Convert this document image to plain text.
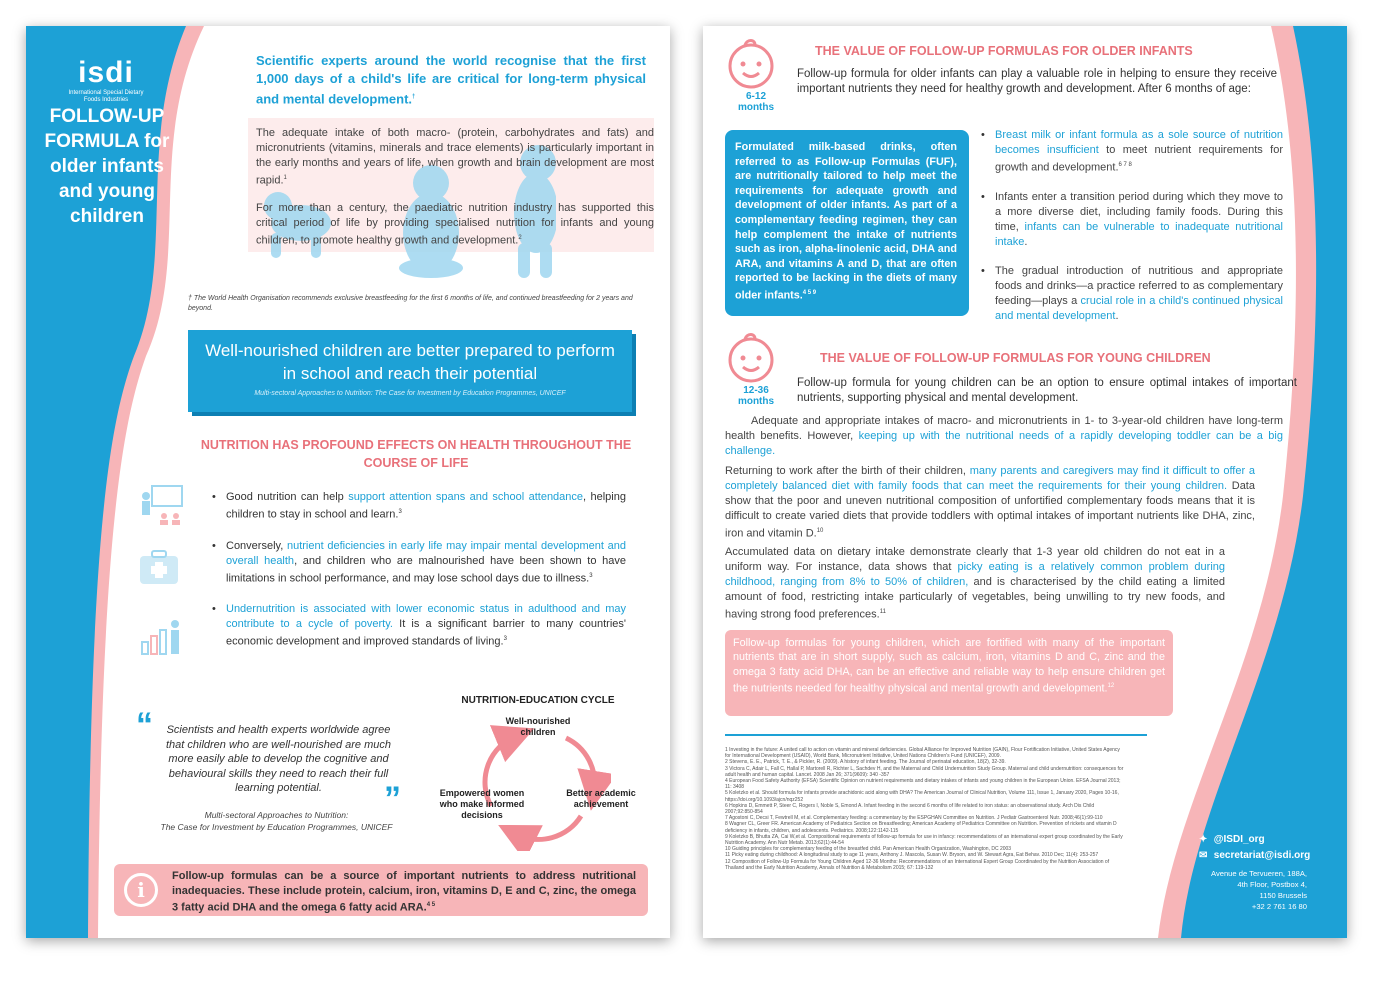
isdi
International Special Dietary Foods Industries
FOLLOW-UP FORMULA for older infants and young children
Scientific experts around the world recognise that the first 1,000 days of a child's life are critical for long-term physical and mental development.†
The adequate intake of both macro- (protein, carbohydrates and fats) and micronutrients (vitamins, minerals and trace elements) is particularly important in the early months and years of life, when growth and brain development are most rapid.$^1$
For more than a century, the paediatric nutrition industry has supported this critical period of life by providing specialised nutrition for infants and young children, to promote healthy growth and development.$^2$
† The World Health Organisation recommends exclusive breastfeeding for the first 6 months of life, and continued breastfeeding for 2 years and beyond.
Well-nourished children are better prepared to perform in school and reach their potential
Multi-sectoral Approaches to Nutrition: The Case for Investment by Education Programmes, UNICEF
NUTRITION HAS PROFOUND EFFECTS ON HEALTH THROUGHOUT THE COURSE OF LIFE
• Good nutrition can help support attention spans and school attendance, helping children to stay in school and learn.$^3$
• Conversely, nutrient deficiencies in early life may impair mental development and overall health, and children who are malnourished have been shown to have limitations in school performance, and may lose school days due to illness.$^3$
• Undernutrition is associated with lower economic status in adulthood and may contribute to a cycle of poverty. It is a significant barrier to many countries' economic development and improved standards of living.$^3$
“	Scientists and health experts worldwide agree that children who are well-nourished are much more easily able to develop the cognitive and behavioural skills they need to reach their full learning potential.	”
Multi-sectoral Approaches to Nutrition:
The Case for Investment by Education Programmes, UNICEF
NUTRITION-EDUCATION CYCLE
Well-nourished children
Better academic achievement
Empowered women who make informed decisions
i
Follow-up formulas can be a source of important nutrients to address nutritional inadequacies. These include protein, calcium, iron, vitamins D, E and C, zinc, the omega 3 fatty acid DHA and the omega 6 fatty acid ARA.$^{4 5}$
6-12
months
THE VALUE OF FOLLOW-UP FORMULAS FOR OLDER INFANTS
Follow-up formula for older infants can play a valuable role in helping to ensure they receive important nutrients they need for healthy growth and development. After 6 months of age:
Formulated milk-based drinks, often referred to as Follow-up Formulas (FUF), are nutritionally tailored to help meet the requirements for adequate growth and development of older infants. As part of a complementary feeding regimen, they can help complement the intake of nutrients such as iron, alpha-linolenic acid, DHA and ARA, and vitamins A and D, that are often reported to be lacking in the diets of many older infants.$^{4 5 9}$
• Breast milk or infant formula as a sole source of nutrition becomes insufficient to meet nutrient requirements for growth and development.$^{6 7 8}$
• Infants enter a transition period during which they move to a more diverse diet, including family foods. During this time, infants can be vulnerable to inadequate nutritional intake.
• The gradual introduction of nutritious and appropriate foods and drinks—a practice referred to as complementary feeding—plays a crucial role in a child's continued physical and mental development.
12-36
months
THE VALUE OF FOLLOW-UP FORMULAS FOR YOUNG CHILDREN
Follow-up formula for young children can be an option to ensure optimal intakes of important nutrients, supporting physical and mental development.
Adequate and appropriate intakes of macro- and micronutrients in 1- to 3-year-old children have long-term health benefits. However, keeping up with the nutritional needs of a rapidly developing toddler can be a big challenge.
Returning to work after the birth of their children, many parents and caregivers may find it difficult to offer a completely balanced diet with family foods that can meet the requirements for their young children. Data show that the poor and uneven nutritional composition of unfortified complementary foods means that it is difficult to create varied diets that provide toddlers with optimal intakes of important nutrients like DHA, zinc, iron and vitamin D.$^{10}$
Accumulated data on dietary intake demonstrate clearly that 1-3 year old children do not eat in a uniform way. For instance, data shows that picky eating is a relatively common problem during childhood, ranging from 8% to 50% of children, and is characterised by the child eating a limited amount of food, restricting intake particularly of vegetables, being unwilling to try new foods, and having strong food preferences.$^{11}$
Follow-up formulas for young children, which are fortified with many of the important nutrients that are in short supply, such as calcium, iron, vitamins D and C, zinc and the omega 3 fatty acid DHA, can be an effective and reliable way to help ensure children get the nutrients needed for healthy physical and mental growth and development.$^{12}$
1 Investing in the future: A united call to action on vitamin and mineral deficiencies. Global Alliance for Improved Nutrition (GAIN), Flour Fortification Initiative, United States Agency for International Development (USAID), World Bank, Micronutrient Initiative, United Nations Children's Fund (UNICEF), 2009.
2 Stevens, E. E., Patrick, T. E., & Pickler, R. (2009). A history of infant feeding. The Journal of perinatal education, 18(2), 32-39.
3 Victora C, Adair L, Fall C, Hallal P, Martorell R, Richter L, Sachdev H, and the Maternal and Child Undernutrition Study Group. Maternal and child undernutrition: consequences for adult health and human capital. Lancet. 2008 Jan 26; 371(9609): 340 -357
4 European Food Safety Authority (EFSA) Scientific Opinion on nutrient requirements and dietary intakes of infants and young children in the European Union. EFSA Journal 2013; 11: 3408
5 Koletzko et al. Should formula for infants provide arachidonic acid along with DHA? The American Journal of Clinical Nutrition, Volume 111, Issue 1, January 2020, Pages 10-16, https://doi.org/10.1093/ajcn/nqz252
6 Hopkins D, Emmett P, Steer C, Rogers I, Noble S, Emond A. Infant feeding in the second 6 months of life related to iron status: an observational study. Arch Dis Child 2007;92:850-854
7 Agostoni C, Decsi T, Fewtrell M, et al. Complementary feeding: a commentary by the ESPGHAN Committee on Nutrition. J Pediatr Gastroenterol Nutr. 2008;46(1):99-110
8 Wagner CL, Greer FR. American Academy of Pediatrics Section on Breastfeeding; American Academy of Pediatrics Committee on Nutrition. Prevention of rickets and vitamin D deficiency in infants, children, and adolescents. Pediatrics. 2008;122:1142-115
9 Koletzko B, Bhutta ZA, Cai W,et al. Compositional requirements of follow-up formula for use in infancy: recommendations of an international expert group coordinated by the Early Nutrition Academy. Ann Nutr Metab. 2013;62(1):44-54
10 Guiding principles for complementary feeding of the breastfed child. Pan American Health Organization, Washington, DC 2003
11 Picky eating during childhood: A longitudinal study to age 11 years, Anthony J. Mascola, Susan W. Bryson, and W. Stewart Agra, Eat Behav. 2010 Dec; 11(4): 253-257
12 Composition of Follow-Up Formula for Young Children Aged 12-36 Months: Recommendations of an International Expert Group Coordinated by the Nutrition Association of Thailand and the Early Nutrition Academy, Annals of Nutrition & Metabolism 2015; 67: 119-132
✦ @ISDI_org
✉ secretariat@isdi.org
Avenue de Tervueren, 188A,
4th Floor, Postbox 4,
1150 Brussels
+32 2 761 16 80
